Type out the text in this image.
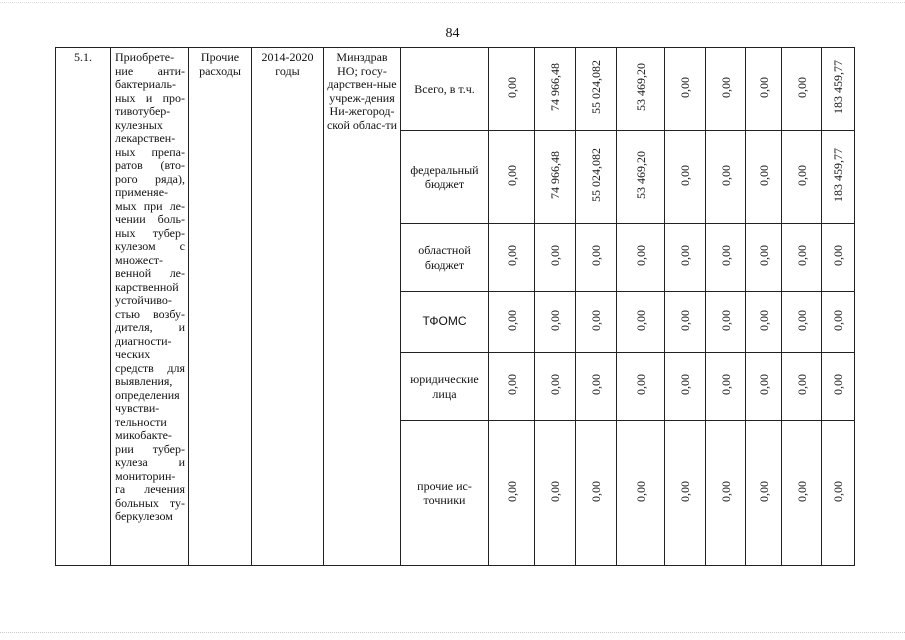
84
5.1.	Приобрете-ние анти-бактериаль-ных и про-тивотубер-кулезных лекарствен-ных препа-ратов (вто-рого ряда), применяе-мых при ле-чении боль-ных тубер-кулезом с множест-венной ле-карственной устойчиво-стью возбу-дителя, и диагности-ческих средств для выявления, определения чувстви-тельности микобакте-рии тубер-кулеза и мониторин-га лечения больных ту-беркулезом	Прочие расходы	2014-2020 годы	Минздрав НО; госу-дарствен-ные учреж-дения Ни-жегород-ской облас-ти	Всего, в т.ч.	0,00	74 966,48	55 024,082	53 469,20	0,00	0,00	0,00	0,00	183 459,77
					федеральный бюджет	0,00	74 966,48	55 024,082	53 469,20	0,00	0,00	0,00	0,00	183 459,77
					областной бюджет	0,00	0,00	0,00	0,00	0,00	0,00	0,00	0,00	0,00
					ТФОМС	0,00	0,00	0,00	0,00	0,00	0,00	0,00	0,00	0,00
					юридические лица	0,00	0,00	0,00	0,00	0,00	0,00	0,00	0,00	0,00
					прочие ис-точники	0,00	0,00	0,00	0,00	0,00	0,00	0,00	0,00	0,00
